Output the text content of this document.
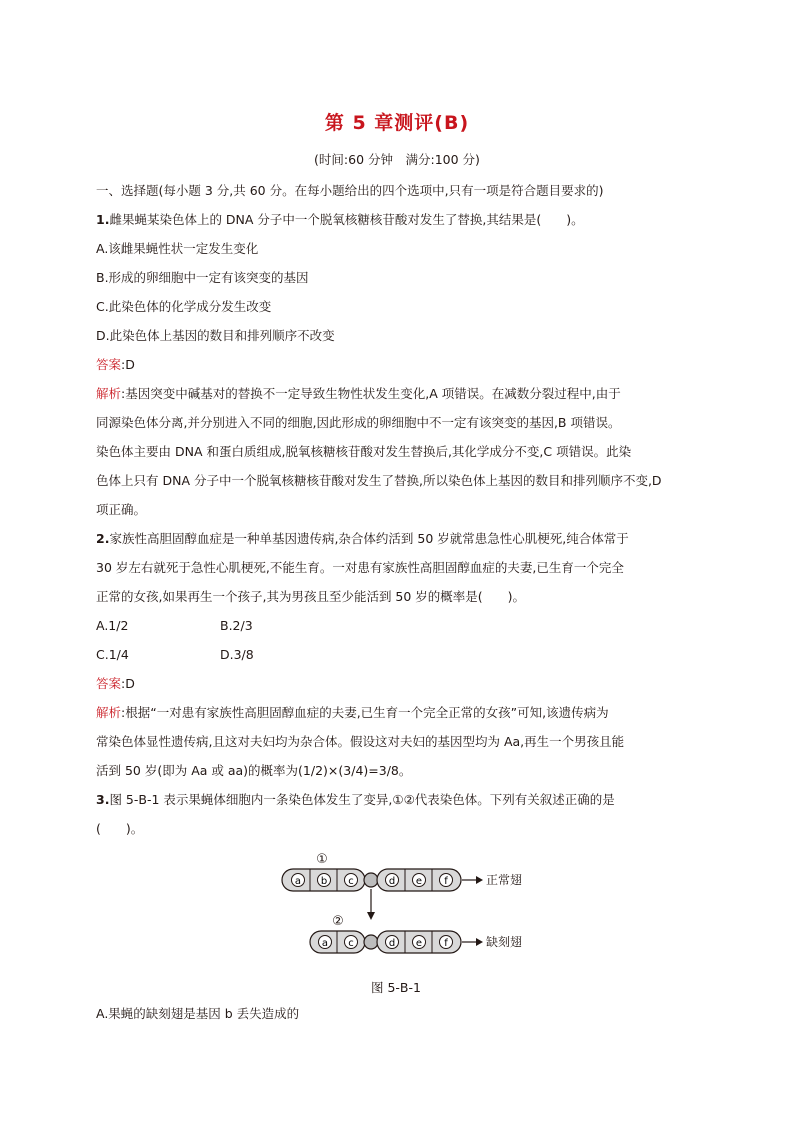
第 5 章测评(B)
(时间:60 分钟　满分:100 分)
一、选择题(每小题 3 分,共 60 分。在每小题给出的四个选项中,只有一项是符合题目要求的)
1.雌果蝇某染色体上的 DNA 分子中一个脱氧核糖核苷酸对发生了替换,其结果是(　　)。
A.该雌果蝇性状一定发生变化
B.形成的卵细胞中一定有该突变的基因
C.此染色体的化学成分发生改变
D.此染色体上基因的数目和排列顺序不改变
答案:D
解析:基因突变中碱基对的替换不一定导致生物性状发生变化,A 项错误。在减数分裂过程中,由于
同源染色体分离,并分别进入不同的细胞,因此形成的卵细胞中不一定有该突变的基因,B 项错误。
染色体主要由 DNA 和蛋白质组成,脱氧核糖核苷酸对发生替换后,其化学成分不变,C 项错误。此染
色体上只有 DNA 分子中一个脱氧核糖核苷酸对发生了替换,所以染色体上基因的数目和排列顺序不变,D
项正确。
2.家族性高胆固醇血症是一种单基因遗传病,杂合体约活到 50 岁就常患急性心肌梗死,纯合体常于
30 岁左右就死于急性心肌梗死,不能生育。一对患有家族性高胆固醇血症的夫妻,已生育一个完全
正常的女孩,如果再生一个孩子,其为男孩且至少能活到 50 岁的概率是(　　)。
A.1/2	B.2/3
C.1/4	D.3/8
答案:D
解析:根据“一对患有家族性高胆固醇血症的夫妻,已生育一个完全正常的女孩”可知,该遗传病为
常染色体显性遗传病,且这对夫妇均为杂合体。假设这对夫妇的基因型均为 Aa,再生一个男孩且能
活到 50 岁(即为 Aa 或 aa)的概率为(1/2)×(3/4)=3/8。
3.图 5-B-1 表示果蝇体细胞内一条染色体发生了变异,①②代表染色体。下列有关叙述正确的是
(　　)。
①
a b c	d e f	正常翅
②
a c	d e f	缺刻翅
图 5-B-1
A.果蝇的缺刻翅是基因 b 丢失造成的
